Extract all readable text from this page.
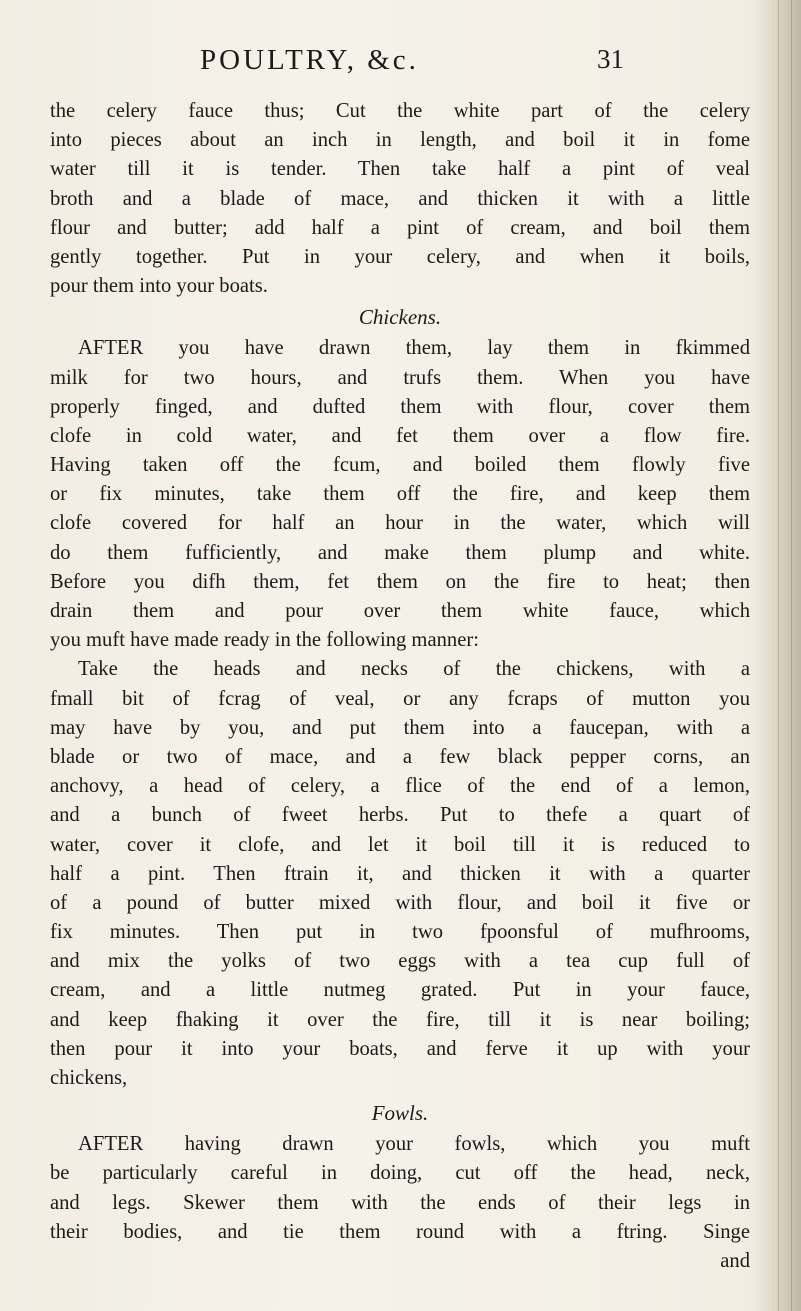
POULTRY, &c.	31
the celery fauce thus; Cut the white part of the celery
into pieces about an inch in length, and boil it in fome
water till it is tender. Then take half a pint of veal
broth and a blade of mace, and thicken it with a little
flour and butter; add half a pint of cream, and boil them
gently together. Put in your celery, and when it boils,
pour them into your boats.
Chickens.
AFTER you have drawn them, lay them in fkimmed
milk for two hours, and trufs them. When you have
properly finged, and dufted them with flour, cover them
clofe in cold water, and fet them over a flow fire.
Having taken off the fcum, and boiled them flowly five
or fix minutes, take them off the fire, and keep them
clofe covered for half an hour in the water, which will
do them fufficiently, and make them plump and white.
Before you difh them, fet them on the fire to heat; then
drain them and pour over them white fauce, which
you muft have made ready in the following manner:
Take the heads and necks of the chickens, with a
fmall bit of fcrag of veal, or any fcraps of mutton you
may have by you, and put them into a faucepan, with a
blade or two of mace, and a few black pepper corns, an
anchovy, a head of celery, a flice of the end of a lemon,
and a bunch of fweet herbs. Put to thefe a quart of
water, cover it clofe, and let it boil till it is reduced to
half a pint. Then ftrain it, and thicken it with a quarter
of a pound of butter mixed with flour, and boil it five or
fix minutes. Then put in two fpoonsful of mufhrooms,
and mix the yolks of two eggs with a tea cup full of
cream, and a little nutmeg grated. Put in your fauce,
and keep fhaking it over the fire, till it is near boiling;
then pour it into your boats, and ferve it up with your
chickens,
Fowls.
AFTER having drawn your fowls, which you muft
be particularly careful in doing, cut off the head, neck,
and legs. Skewer them with the ends of their legs in
their bodies, and tie them round with a ftring. Singe
and
